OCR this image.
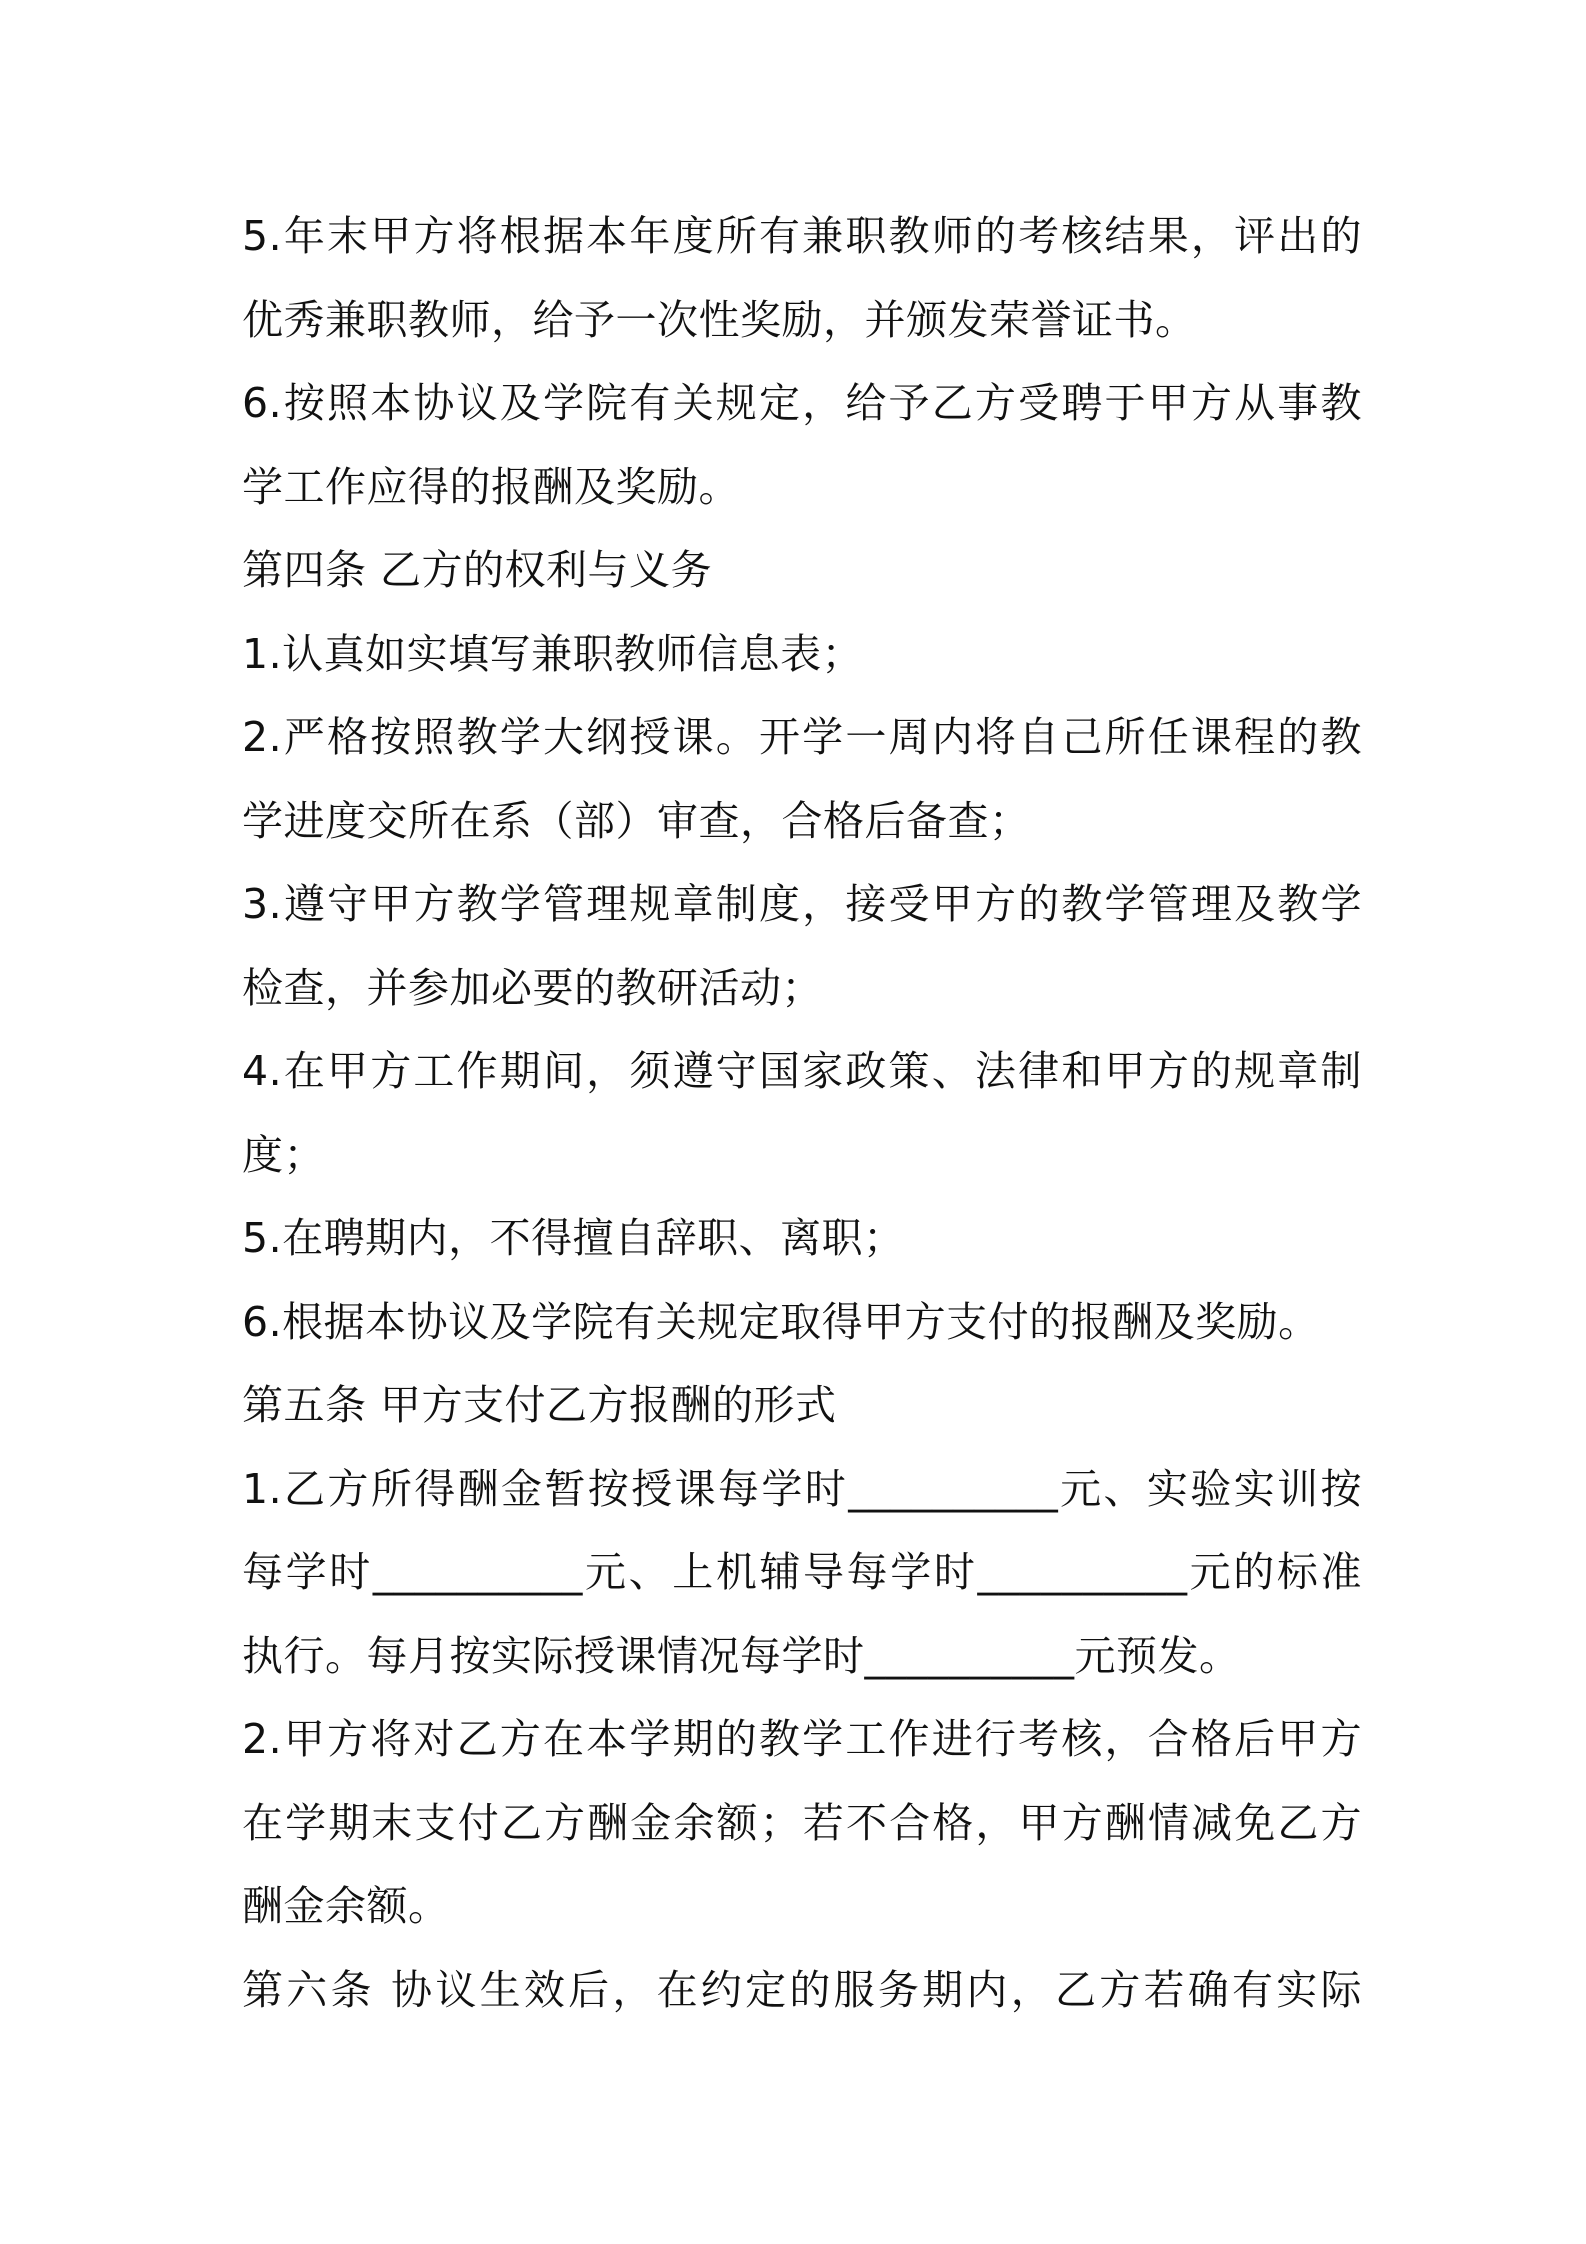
5.年末甲方将根据本年度所有兼职教师的考核结果，评出的
优秀兼职教师，给予一次性奖励，并颁发荣誉证书。
6.按照本协议及学院有关规定，给予乙方受聘于甲方从事教
学工作应得的报酬及奖励。
第四条 乙方的权利与义务
1.认真如实填写兼职教师信息表；
2.严格按照教学大纲授课。开学一周内将自己所任课程的教
学进度交所在系（部）审查，合格后备查；
3.遵守甲方教学管理规章制度，接受甲方的教学管理及教学
检查，并参加必要的教研活动；
4.在甲方工作期间，须遵守国家政策、法律和甲方的规章制
度；
5.在聘期内，不得擅自辞职、离职；
6.根据本协议及学院有关规定取得甲方支付的报酬及奖励。
第五条 甲方支付乙方报酬的形式
1.乙方所得酬金暂按授课每学时__________元、实验实训按
每学时__________元、上机辅导每学时__________元的标准
执行。每月按实际授课情况每学时__________元预发。
2.甲方将对乙方在本学期的教学工作进行考核，合格后甲方
在学期末支付乙方酬金余额；若不合格，甲方酬情减免乙方
酬金余额。
第六条 协议生效后，在约定的服务期内，乙方若确有实际
